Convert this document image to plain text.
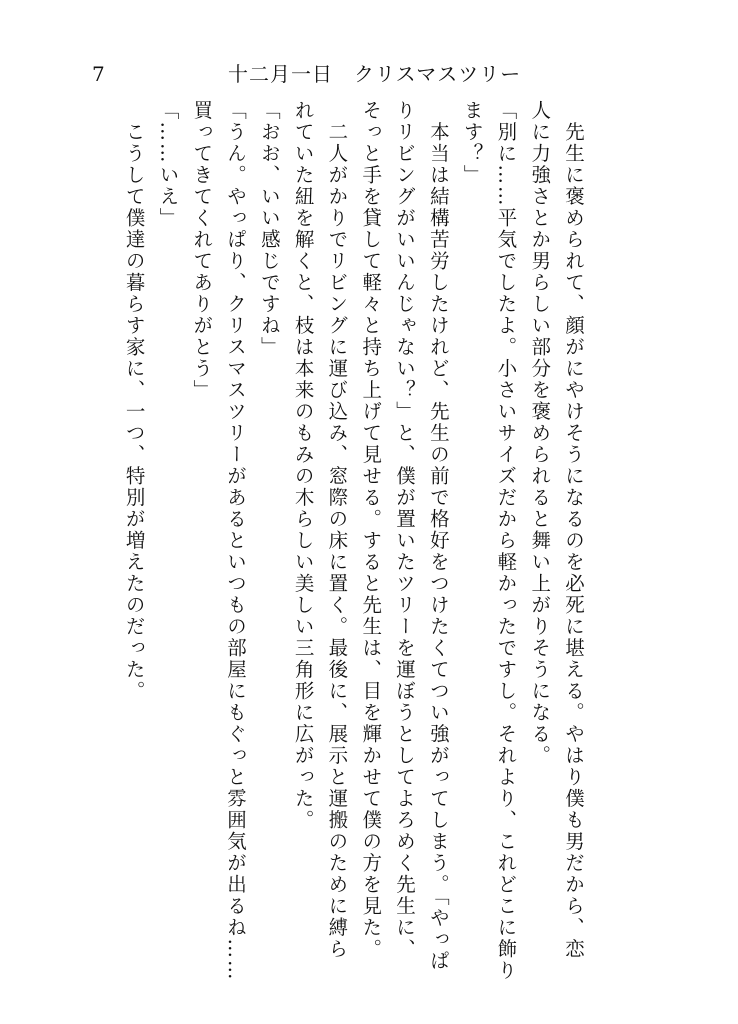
7	十二月一日　クリスマスツリー
　先生に褒められて、顔がにやけそうになるのを必死に堪える。やはり僕も男だから、恋
人に力強さとか男らしい部分を褒められると舞い上がりそうになる。
「別に……平気でしたよ。小さいサイズだから軽かったですし。それより、これどこに飾り
ます？」
　本当は結構苦労したけれど、先生の前で格好をつけたくてつい強がってしまう。「やっぱ
りリビングがいいんじゃない？」と、僕が置いたツリーを運ぼうとしてよろめく先生に、
そっと手を貸して軽々と持ち上げて見せる。すると先生は、目を輝かせて僕の方を見た。
　二人がかりでリビングに運び込み、窓際の床に置く。最後に、展示と運搬のために縛ら
れていた紐を解くと、枝は本来のもみの木らしい美しい三角形に広がった。
「おお、いい感じですね」
「うん。やっぱり、クリスマスツリーがあるといつもの部屋にもぐっと雰囲気が出るね……
買ってきてくれてありがとう」
「……いえ」
　こうして僕達の暮らす家に、一つ、特別が増えたのだった。
